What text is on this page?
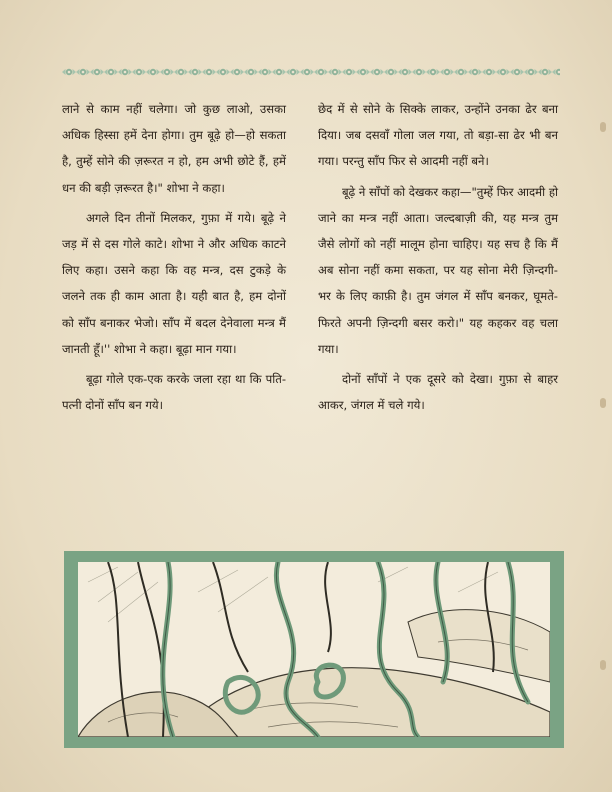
लाने से काम नहीं चलेगा। जो कुछ लाओ, उसका अधिक हिस्सा हमें देना होगा। तुम बूढ़े हो—हो सकता है, तुम्हें सोने की ज़रूरत न हो, हम अभी छोटे हैं, हमें धन की बड़ी ज़रूरत है।" शोभा ने कहा।

अगले दिन तीनों मिलकर, गुफ़ा में गये। बूढ़े ने जड़ में से दस गोले काटे। शोभा ने और अधिक काटने लिए कहा। उसने कहा कि वह मन्त्र, दस टुकड़े के जलने तक ही काम आता है। यही बात है, हम दोनों को साँप बनाकर भेजो। साँप में बदल देनेवाला मन्त्र मैं जानती हूँ।'' शोभा ने कहा। बूढ़ा मान गया।

बूढ़ा गोले एक-एक करके जला रहा था कि पति-पत्नी दोनों साँप बन गये।

छेद में से सोने के सिक्के लाकर, उन्होंने उनका ढेर बना दिया। जब दसवाँ गोला जल गया, तो बड़ा-सा ढेर भी बन गया। परन्तु साँप फिर से आदमी नहीं बने।

बूढ़े ने साँपों को देखकर कहा—"तुम्हें फिर आदमी हो जाने का मन्त्र नहीं आता। जल्दबाज़ी की, यह मन्त्र तुम जैसे लोगों को नहीं मालूम होना चाहिए। यह सच है कि मैं अब सोना नहीं कमा सकता, पर यह सोना मेरी ज़िन्दगी-भर के लिए काफ़ी है। तुम जंगल में साँप बनकर, घूमते-फिरते अपनी ज़िन्दगी बसर करो।" यह कहकर वह चला गया।

दोनों साँपों ने एक दूसरे को देखा। गुफ़ा से बाहर आकर, जंगल में चले गये।
